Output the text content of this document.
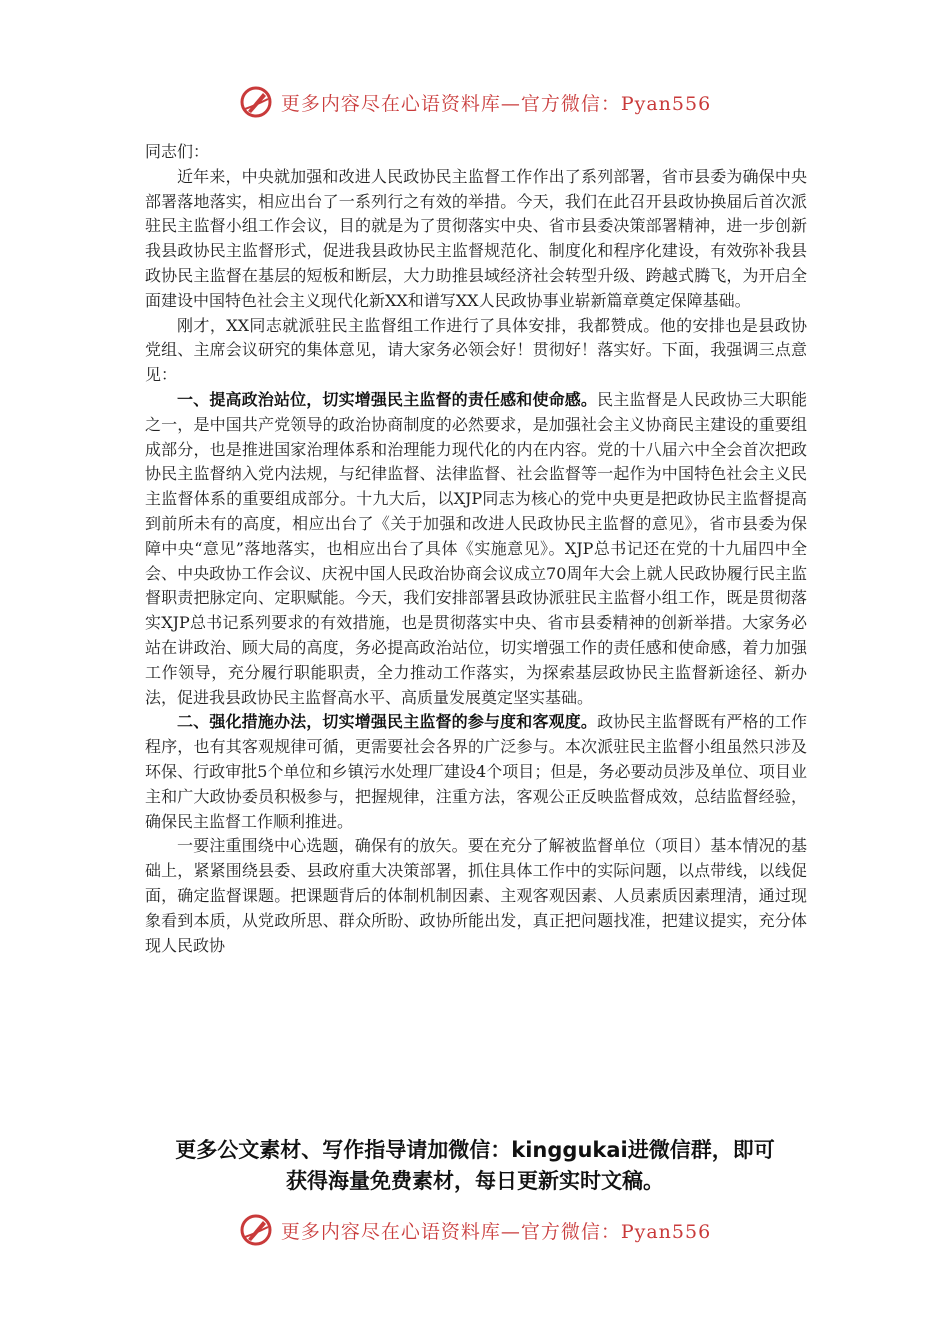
更多内容尽在心语资料库—官方微信：Pyan556

同志们：

近年来，中央就加强和改进人民政协民主监督工作作出了系列部署，省市县委为确保中央部署落地落实，相应出台了一系列行之有效的举措。今天，我们在此召开县政协换届后首次派驻民主监督小组工作会议，目的就是为了贯彻落实中央、省市县委决策部署精神，进一步创新我县政协民主监督形式，促进我县政协民主监督规范化、制度化和程序化建设，有效弥补我县政协民主监督在基层的短板和断层，大力助推县域经济社会转型升级、跨越式腾飞，为开启全面建设中国特色社会主义现代化新XX和谱写XX人民政协事业崭新篇章奠定保障基础。

刚才，XX同志就派驻民主监督组工作进行了具体安排，我都赞成。他的安排也是县政协党组、主席会议研究的集体意见，请大家务必领会好！贯彻好！落实好。下面，我强调三点意见：

一、提高政治站位，切实增强民主监督的责任感和使命感。民主监督是人民政协三大职能之一，是中国共产党领导的政治协商制度的必然要求，是加强社会主义协商民主建设的重要组成部分，也是推进国家治理体系和治理能力现代化的内在内容。党的十八届六中全会首次把政协民主监督纳入党内法规，与纪律监督、法律监督、社会监督等一起作为中国特色社会主义民主监督体系的重要组成部分。十九大后，以XJP同志为核心的党中央更是把政协民主监督提高到前所未有的高度，相应出台了《关于加强和改进人民政协民主监督的意见》，省市县委为保障中央“意见”落地落实，也相应出台了具体《实施意见》。XJP总书记还在党的十九届四中全会、中央政协工作会议、庆祝中国人民政治协商会议成立70周年大会上就人民政协履行民主监督职责把脉定向、定职赋能。今天，我们安排部署县政协派驻民主监督小组工作，既是贯彻落实XJP总书记系列要求的有效措施，也是贯彻落实中央、省市县委精神的创新举措。大家务必站在讲政治、顾大局的高度，务必提高政治站位，切实增强工作的责任感和使命感，着力加强工作领导，充分履行职能职责，全力推动工作落实，为探索基层政协民主监督新途径、新办法，促进我县政协民主监督高水平、高质量发展奠定坚实基础。

二、强化措施办法，切实增强民主监督的参与度和客观度。政协民主监督既有严格的工作程序，也有其客观规律可循，更需要社会各界的广泛参与。本次派驻民主监督小组虽然只涉及环保、行政审批5个单位和乡镇污水处理厂建设4个项目；但是，务必要动员涉及单位、项目业主和广大政协委员积极参与，把握规律，注重方法，客观公正反映监督成效，总结监督经验，确保民主监督工作顺利推进。

一要注重围绕中心选题，确保有的放矢。要在充分了解被监督单位（项目）基本情况的基础上，紧紧围绕县委、县政府重大决策部署，抓住具体工作中的实际问题，以点带线，以线促面，确定监督课题。把课题背后的体制机制因素、主观客观因素、人员素质因素理清，通过现象看到本质，从党政所思、群众所盼、政协所能出发，真正把问题找准，把建议提实，充分体现人民政协

更多公文素材、写作指导请加微信：kinggukai进微信群，即可
获得海量免费素材，每日更新实时文稿。
更多内容尽在心语资料库—官方微信：Pyan556
